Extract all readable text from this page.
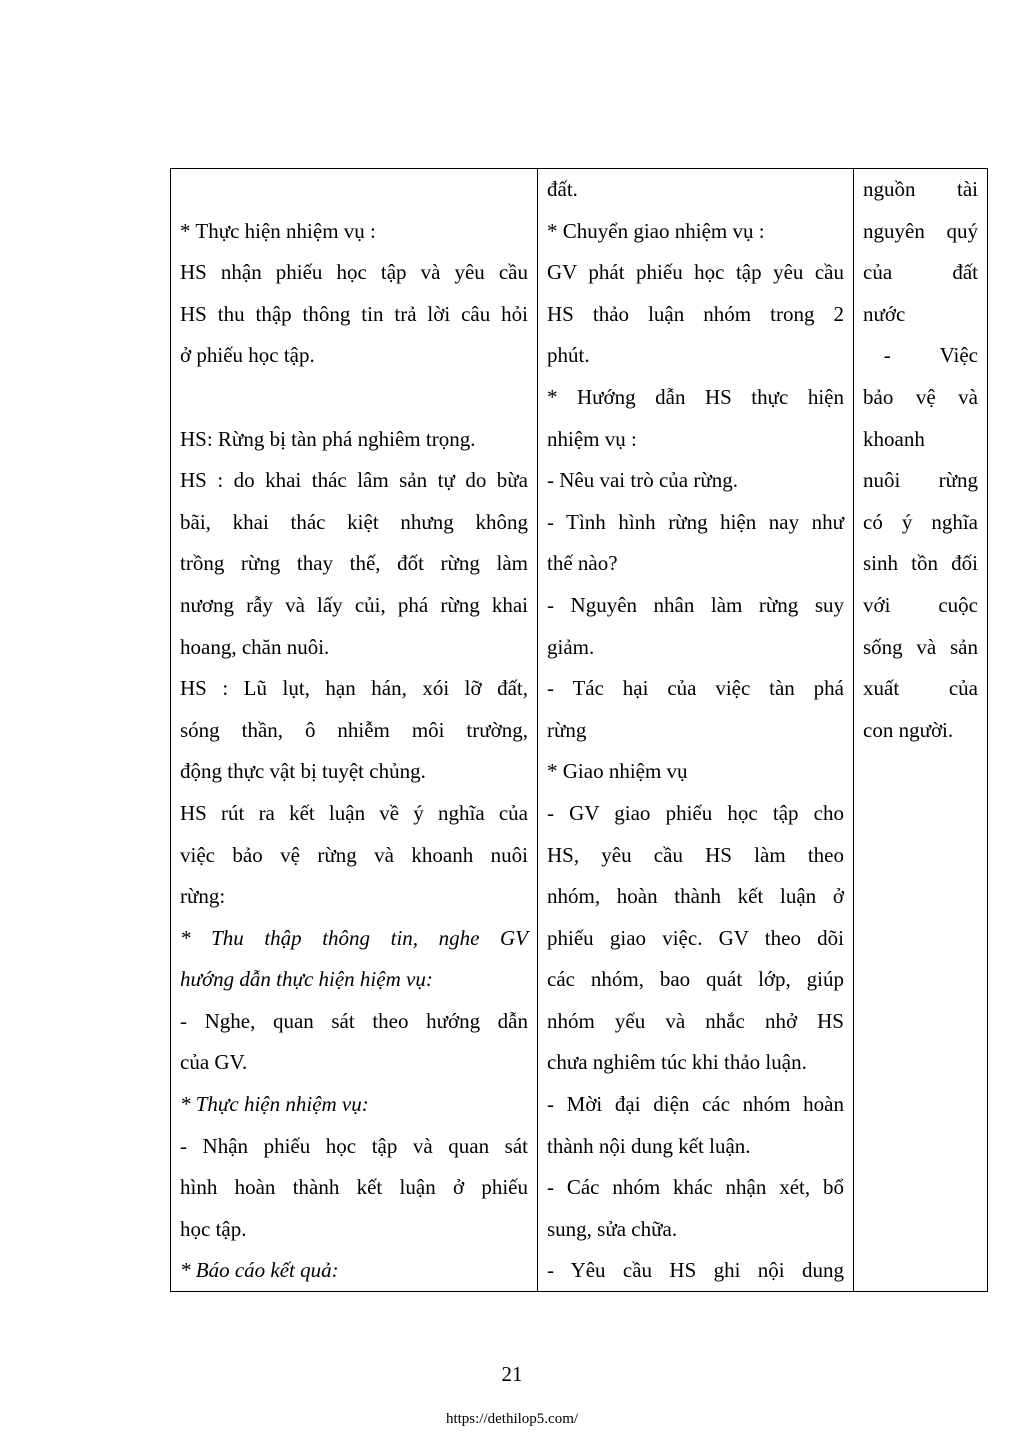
* Thực hiện nhiệm vụ :
HS nhận phiếu học tập và yêu cầu
HS thu thập thông tin trả lời câu hỏi
ở phiếu học tập.

HS: Rừng bị tàn phá nghiêm trọng.
HS : do khai thác lâm sản tự do bừa
bãi, khai thác kiệt nhưng không
trồng rừng thay thế, đốt rừng làm
nương rẫy và lấy củi, phá rừng khai
hoang, chăn nuôi.
HS : Lũ lụt, hạn hán, xói lỡ đất,
sóng thần, ô nhiễm môi trường,
động thực vật bị tuyệt chủng.
HS rút ra kết luận về ý nghĩa của
việc bảo vệ rừng và khoanh nuôi
rừng:
* Thu thập thông tin, nghe GV
hướng dẫn thực hiện hiệm vụ:
- Nghe, quan sát theo hướng dẫn
của GV.
* Thực hiện nhiệm vụ:
- Nhận phiếu học tập và quan sát
hình hoàn thành kết luận ở phiếu
học tập.
* Báo cáo kết quả:
đất.
* Chuyển giao nhiệm vụ :
GV phát phiếu học tập yêu cầu
HS thảo luận nhóm trong 2
phút.
* Hướng dẫn HS thực hiện
nhiệm vụ :
- Nêu vai trò của rừng.
- Tình hình rừng hiện nay như
thế nào?
- Nguyên nhân làm rừng suy
giảm.
- Tác hại của việc tàn phá
rừng
* Giao nhiệm vụ
- GV giao phiếu học tập cho
HS, yêu cầu HS làm theo
nhóm, hoàn thành kết luận ở
phiếu giao việc. GV theo dõi
các nhóm, bao quát lớp, giúp
nhóm yếu và nhắc nhở HS
chưa nghiêm túc khi thảo luận.
- Mời đại diện các nhóm hoàn
thành nội dung kết luận.
- Các nhóm khác nhận xét, bổ
sung, sửa chữa.
- Yêu cầu HS ghi nội dung
nguồn tài
nguyên quý
của đất
nước
- Việc
bảo vệ và
khoanh
nuôi rừng
có ý nghĩa
sinh tồn đối
với cuộc
sống và sản
xuất của
con người.
21
https://dethilop5.com/
